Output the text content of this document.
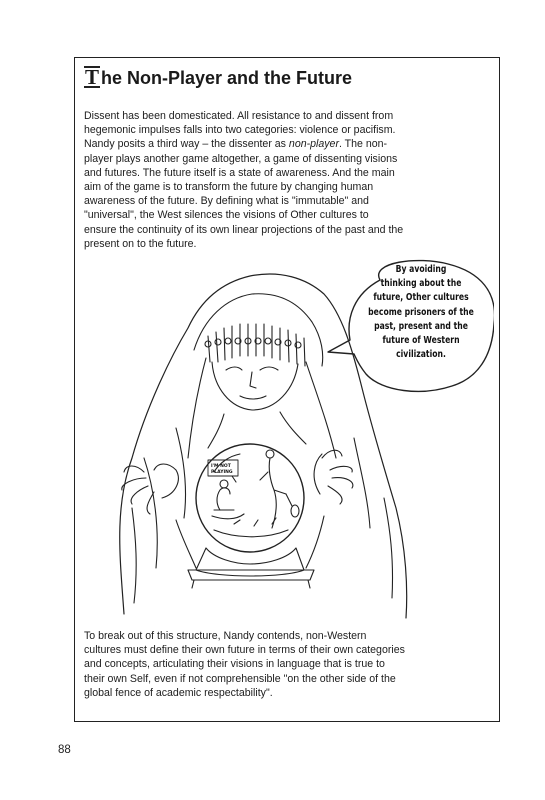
T he Non-Player and the Future

Dissent has been domesticated. All resistance to and dissent from
hegemonic impulses falls into two categories: violence or pacifism.
Nandy posits a third way – the dissenter as non-player. The non-
player plays another game altogether, a game of dissenting visions
and futures. The future itself is a state of awareness. And the main
aim of the game is to transform the future by changing human
awareness of the future. By defining what is "immutable" and
"universal", the West silences the visions of Other cultures to
ensure the continuity of its own linear projections of the past and the
present on to the future.

I'M NOT
PLAYING
By avoiding
thinking about the
future, Other cultures
become prisoners of the
past, present and the
future of Western
civilization.

To break out of this structure, Nandy contends, non-Western
cultures must define their own future in terms of their own categories
and concepts, articulating their visions in language that is true to
their own Self, even if not comprehensible "on the other side of the
global fence of academic respectability".

88
